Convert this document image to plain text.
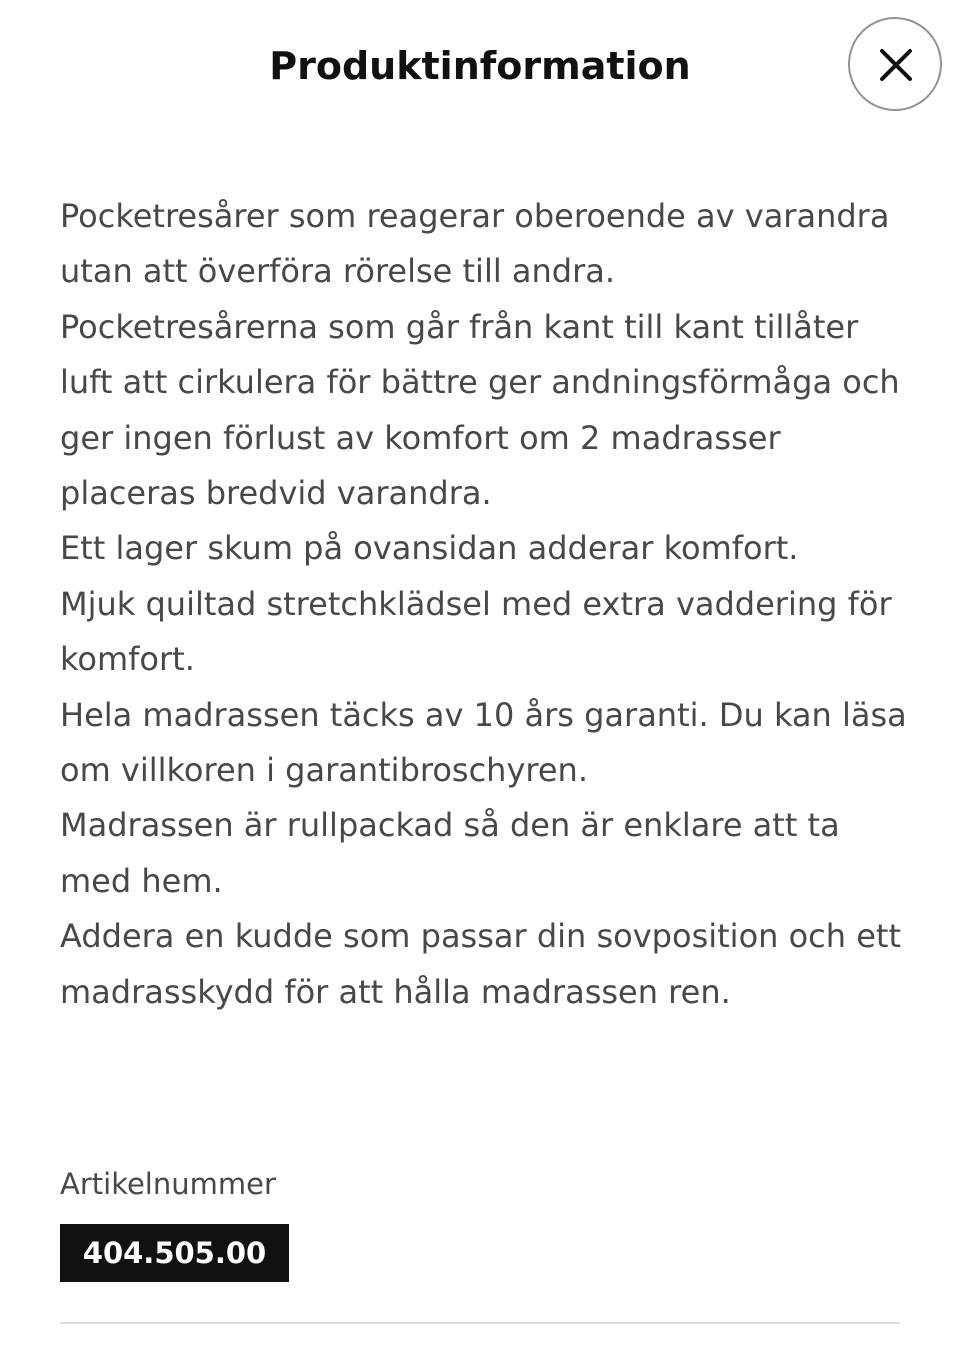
Produktinformation
Pocketresårer som reagerar oberoende av varandra utan att överföra rörelse till andra.
Pocketresårerna som går från kant till kant tillåter luft att cirkulera för bättre ger andningsförmåga och ger ingen förlust av komfort om 2 madrasser placeras bredvid varandra.
Ett lager skum på ovansidan adderar komfort.
Mjuk quiltad stretchklädsel med extra vaddering för komfort.
Hela madrassen täcks av 10 års garanti. Du kan läsa om villkoren i garantibroschyren.
Madrassen är rullpackad så den är enklare att ta med hem.
Addera en kudde som passar din sovposition och ett madrasskydd för att hålla madrassen ren.
Artikelnummer
404.505.00
